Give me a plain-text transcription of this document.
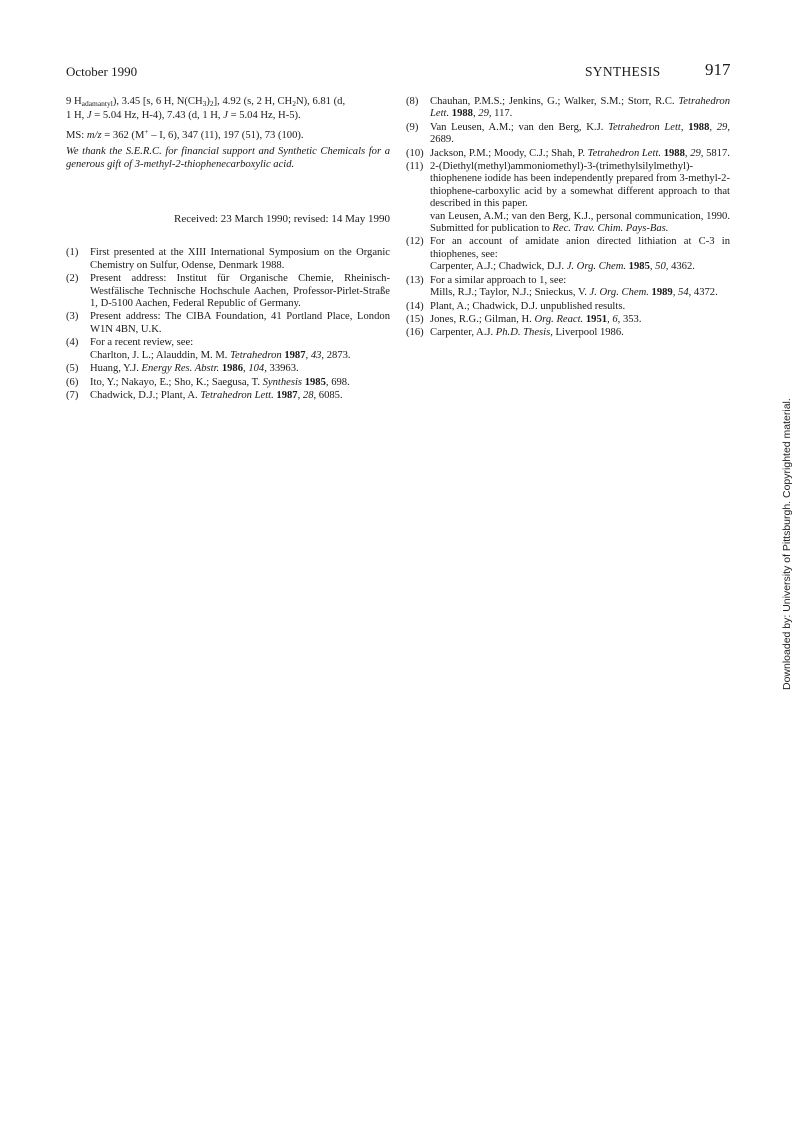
October 1990	SYNTHESIS	917

9 $H_{adamantyl}$), 3.45 [s, 6 H, $N(CH_3)_2$], 4.92 (s, 2 H, $CH_2N$), 6.81 (d,
1 H, J = 5.04 Hz, H-4), 7.43 (d, 1 H, J = 5.04 Hz, H-5).

MS: m/z = 362 (M+ – I, 6), 347 (11), 197 (51), 73 (100).

We thank the S.E.R.C. for financial support and Synthetic Chemicals for a generous gift of 3-methyl-2-thiophenecarboxylic acid.

Received: 23 March 1990; revised: 14 May 1990

(1) First presented at the XIII International Symposium on the Organic Chemistry on Sulfur, Odense, Denmark 1988.
(2) Present address: Institut für Organische Chemie, Rheinisch-Westfälische Technische Hochschule Aachen, Professor-Pirlet-Straße 1, D-5100 Aachen, Federal Republic of Germany.
(3) Present address: The CIBA Foundation, 41 Portland Place, London W1N 4BN, U.K.
(4) For a recent review, see:
Charlton, J. L.; Alauddin, M. M. Tetrahedron 1987, 43, 2873.
(5) Huang, Y.J. Energy Res. Abstr. 1986, 104, 33963.
(6) Ito, Y.; Nakayo, E.; Sho, K.; Saegusa, T. Synthesis 1985, 698.
(7) Chadwick, D.J.; Plant, A. Tetrahedron Lett. 1987, 28, 6085.
(8) Chauhan, P.M.S.; Jenkins, G.; Walker, S.M.; Storr, R.C. Tetrahedron Lett. 1988, 29, 117.
(9) Van Leusen, A.M.; van den Berg, K.J. Tetrahedron Lett, 1988, 29, 2689.
(10) Jackson, P.M.; Moody, C.J.; Shah, P. Tetrahedron Lett. 1988, 29, 5817.
(11) 2-(Diethyl(methyl)ammoniomethyl)-3-(trimethylsilylmethyl)-thiophenene iodide has been independently prepared from 3-methyl-2-thiophene-carboxylic acid by a somewhat different approach to that described in this paper.
van Leusen, A.M.; van den Berg, K.J., personal communication, 1990. Submitted for publication to Rec. Trav. Chim. Pays-Bas.
(12) For an account of amidate anion directed lithiation at C-3 in thiophenes, see:
Carpenter, A.J.; Chadwick, D.J. J. Org. Chem. 1985, 50, 4362.
(13) For a similar approach to 1, see:
Mills, R.J.; Taylor, N.J.; Snieckus, V. J. Org. Chem. 1989, 54, 4372.
(14) Plant, A.; Chadwick, D.J. unpublished results.
(15) Jones, R.G.; Gilman, H. Org. React. 1951, 6, 353.
(16) Carpenter, A.J. Ph.D. Thesis, Liverpool 1986.
Downloaded by: University of Pittsburgh. Copyrighted material.
